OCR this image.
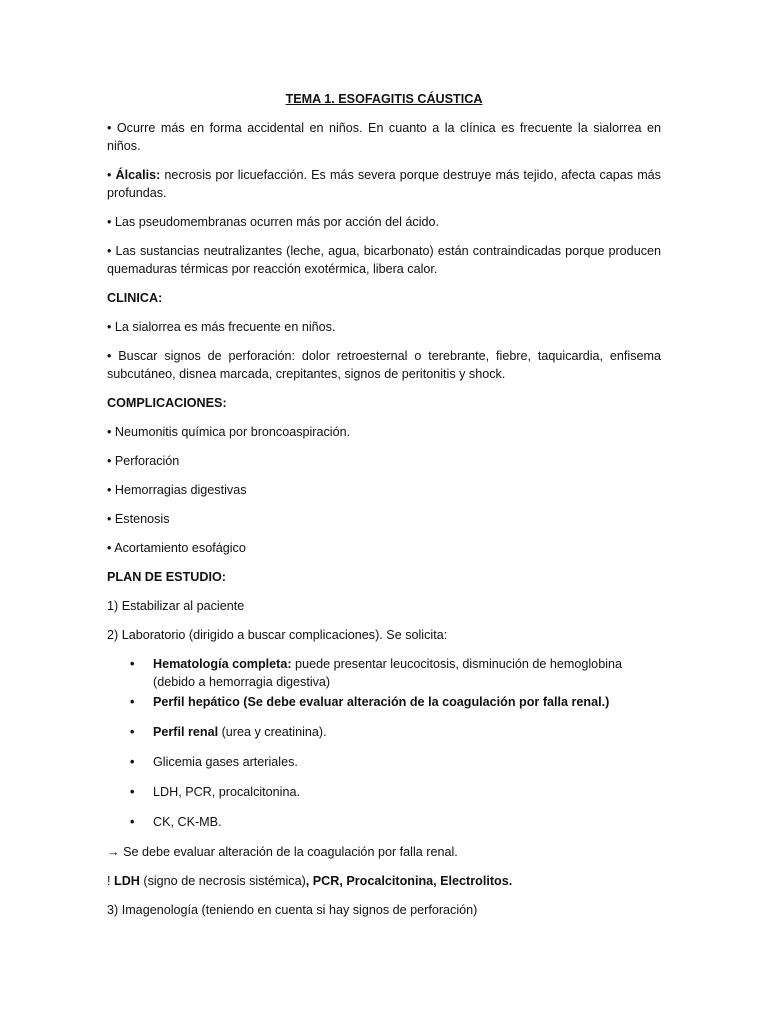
TEMA 1. ESOFAGITIS CÁUSTICA
• Ocurre más en forma accidental en niños. En cuanto a la clínica es frecuente la sialorrea en niños.
• Álcalis: necrosis por licuefacción. Es más severa porque destruye más tejido, afecta capas más profundas.
• Las pseudomembranas ocurren más por acción del ácido.
• Las sustancias neutralizantes (leche, agua, bicarbonato) están contraindicadas porque producen quemaduras térmicas por reacción exotérmica, libera calor.
CLINICA:
• La sialorrea es más frecuente en niños.
• Buscar signos de perforación: dolor retroesternal o terebrante, fiebre, taquicardia, enfisema subcutáneo, disnea marcada, crepitantes, signos de peritonitis y shock.
COMPLICACIONES:
• Neumonitis química por broncoaspiración.
• Perforación
• Hemorragias digestivas
• Estenosis
• Acortamiento esofágico
PLAN DE ESTUDIO:
1) Estabilizar al paciente
2) Laboratorio (dirigido a buscar complicaciones). Se solicita:
• Hematología completa: puede presentar leucocitosis, disminución de hemoglobina (debido a hemorragia digestiva)
• Perfil hepático (Se debe evaluar alteración de la coagulación por falla renal.)
• Perfil renal (urea y creatinina).
• Glicemia gases arteriales.
• LDH, PCR, procalcitonina.
• CK, CK-MB.
→ Se debe evaluar alteración de la coagulación por falla renal.
! LDH (signo de necrosis sistémica), PCR, Procalcitonina, Electrolitos.
3) Imagenología (teniendo en cuenta si hay signos de perforación)
